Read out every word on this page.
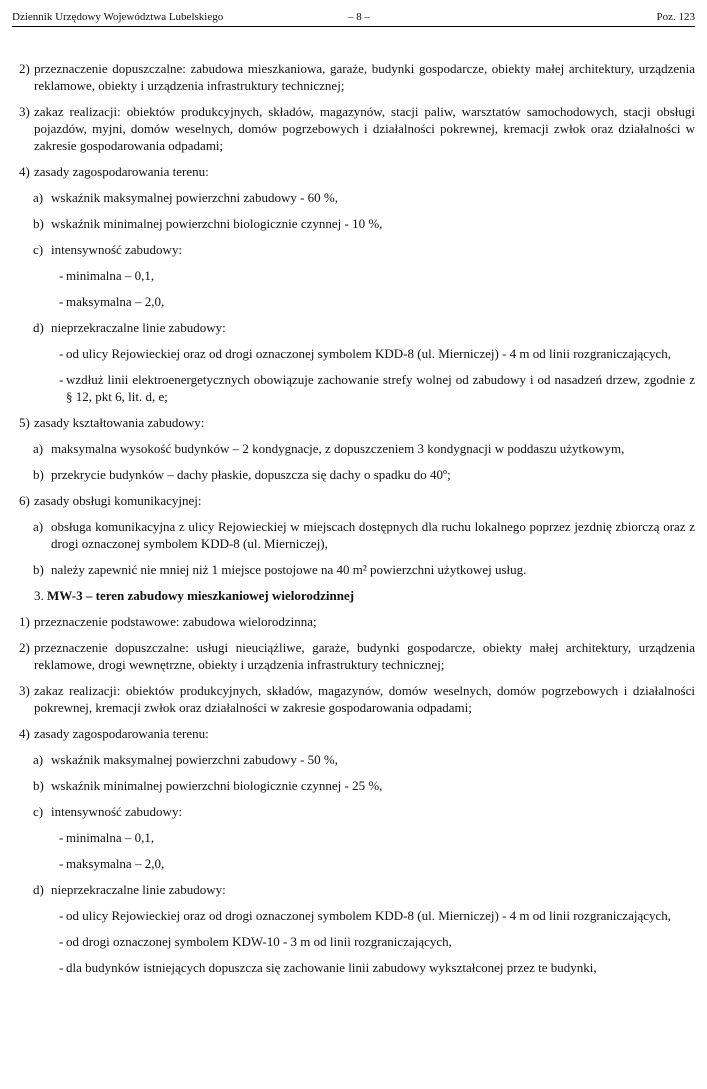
Dziennik Urzędowy Województwa Lubelskiego	– 8 –	Poz. 123
2) przeznaczenie dopuszczalne: zabudowa mieszkaniowa, garaże, budynki gospodarcze, obiekty małej architektury, urządzenia reklamowe, obiekty i urządzenia infrastruktury technicznej;
3) zakaz realizacji: obiektów produkcyjnych, składów, magazynów, stacji paliw, warsztatów samochodowych, stacji obsługi pojazdów, myjni, domów weselnych, domów pogrzebowych i działalności pokrewnej, kremacji zwłok oraz działalności w zakresie gospodarowania odpadami;
4) zasady zagospodarowania terenu:
a) wskaźnik maksymalnej powierzchni zabudowy - 60 %,
b) wskaźnik minimalnej powierzchni biologicznie czynnej - 10 %,
c) intensywność zabudowy:
- minimalna – 0,1,
- maksymalna – 2,0,
d) nieprzekraczalne linie zabudowy:
- od ulicy Rejowieckiej oraz od drogi oznaczonej symbolem KDD-8 (ul. Mierniczej) - 4 m od linii rozgraniczających,
- wzdłuż linii elektroenergetycznych obowiązuje zachowanie strefy wolnej od zabudowy i od nasadzeń drzew, zgodnie z § 12, pkt 6, lit. d, e;
5) zasady kształtowania zabudowy:
a) maksymalna wysokość budynków – 2 kondygnacje, z dopuszczeniem 3 kondygnacji w poddaszu użytkowym,
b) przekrycie budynków – dachy płaskie, dopuszcza się dachy o spadku do 40º;
6) zasady obsługi komunikacyjnej:
a) obsługa komunikacyjna z ulicy Rejowieckiej w miejscach dostępnych dla ruchu lokalnego poprzez jezdnię zbiorczą oraz z drogi oznaczonej symbolem KDD-8 (ul. Mierniczej),
b) należy zapewnić nie mniej niż 1 miejsce postojowe na 40 m² powierzchni użytkowej usług.
3. MW-3 – teren zabudowy mieszkaniowej wielorodzinnej
1) przeznaczenie podstawowe: zabudowa wielorodzinna;
2) przeznaczenie dopuszczalne: usługi nieuciążliwe, garaże, budynki gospodarcze, obiekty małej architektury, urządzenia reklamowe, drogi wewnętrzne, obiekty i urządzenia infrastruktury technicznej;
3) zakaz realizacji: obiektów produkcyjnych, składów, magazynów, domów weselnych, domów pogrzebowych i działalności pokrewnej, kremacji zwłok oraz działalności w zakresie gospodarowania odpadami;
4) zasady zagospodarowania terenu:
a) wskaźnik maksymalnej powierzchni zabudowy - 50 %,
b) wskaźnik minimalnej powierzchni biologicznie czynnej - 25 %,
c) intensywność zabudowy:
- minimalna – 0,1,
- maksymalna – 2,0,
d) nieprzekraczalne linie zabudowy:
- od ulicy Rejowieckiej oraz od drogi oznaczonej symbolem KDD-8 (ul. Mierniczej) - 4 m od linii rozgraniczających,
- od drogi oznaczonej symbolem KDW-10 - 3 m od linii rozgraniczających,
- dla budynków istniejących dopuszcza się zachowanie linii zabudowy wykształconej przez te budynki,
